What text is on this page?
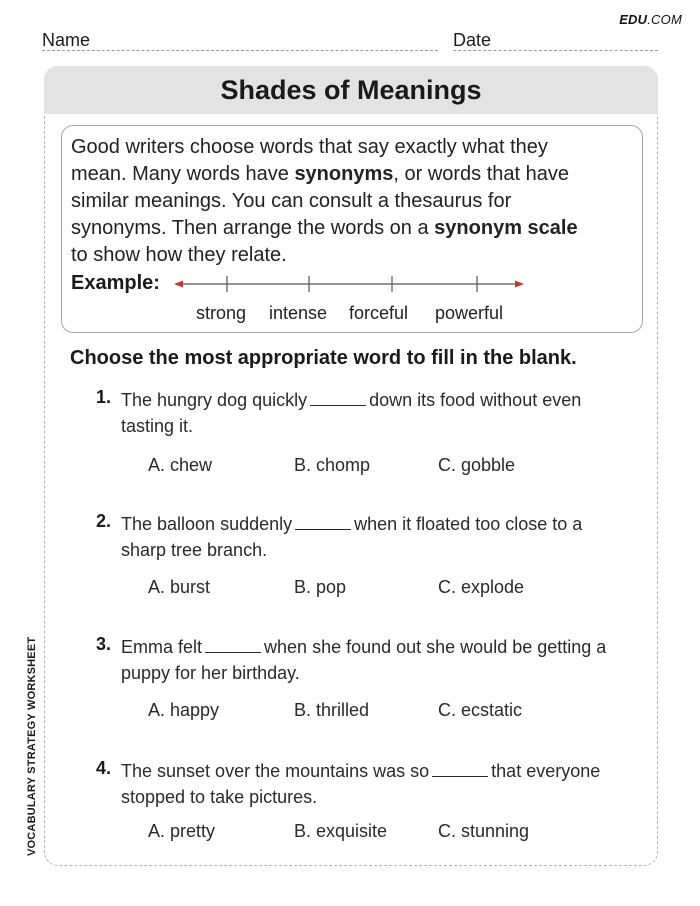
EDU.COM
Name	Date
Shades of Meanings

Good writers choose words that say exactly what they
mean. Many words have synonyms, or words that have
similar meanings. You can consult a thesaurus for
synonyms. Then arrange the words on a synonym scale
to show how they relate.

Example:
strong intense forceful powerful
Choose the most appropriate word to fill in the blank.
1. The hungry dog quickly	down its food without even tasting it.
A. chew	B. chomp	C. gobble
2. The balloon suddenly	when it floated too close to a sharp tree branch.
A. burst	B. pop	C. explode
3. Emma felt	when she found out she would be getting a puppy for her birthday.
A. happy	B. thrilled	C. ecstatic
4. The sunset over the mountains was so	that everyone stopped to take pictures.
A. pretty	B. exquisite	C. stunning
VOCABULARY STRATEGY WORKSHEET
